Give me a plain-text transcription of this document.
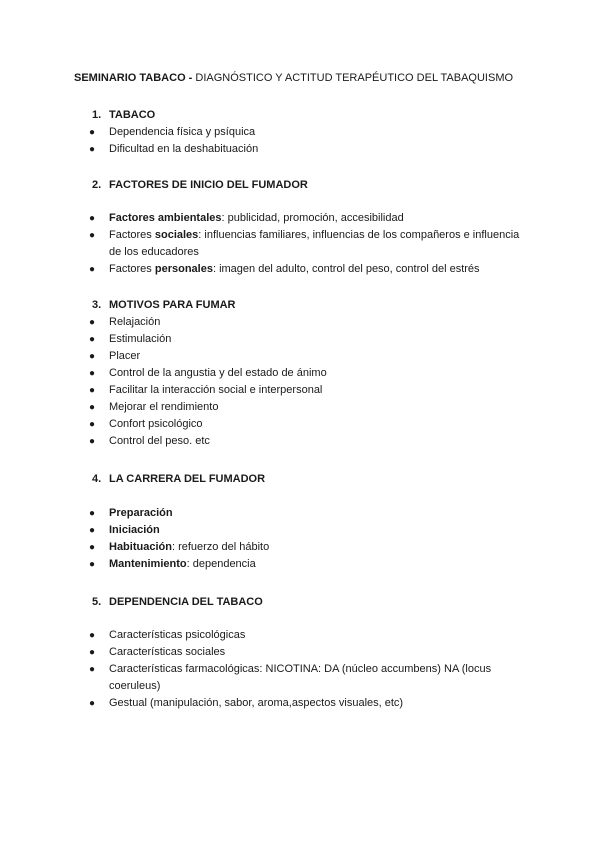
SEMINARIO TABACO - DIAGNÓSTICO Y ACTITUD TERAPÉUTICO DEL TABAQUISMO
1. TABACO
● Dependencia física y psíquica
● Dificultad en la deshabituación
2. FACTORES DE INICIO DEL FUMADOR
● Factores ambientales: publicidad, promoción, accesibilidad
● Factores sociales: influencias familiares, influencias de los compañeros e influencia de los educadores
● Factores personales: imagen del adulto, control del peso, control del estrés
3. MOTIVOS PARA FUMAR
● Relajación
● Estimulación
● Placer
● Control de la angustia y del estado de ánimo
● Facilitar la interacción social e interpersonal
● Mejorar el rendimiento
● Confort psicológico
● Control del peso. etc
4. LA CARRERA DEL FUMADOR
● Preparación
● Iniciación
● Habituación: refuerzo del hábito
● Mantenimiento: dependencia
5. DEPENDENCIA DEL TABACO
● Características psicológicas
● Características sociales
● Características farmacológicas: NICOTINA: DA (núcleo accumbens) NA (locus coeruleus)
● Gestual (manipulación, sabor, aroma,aspectos visuales, etc)
